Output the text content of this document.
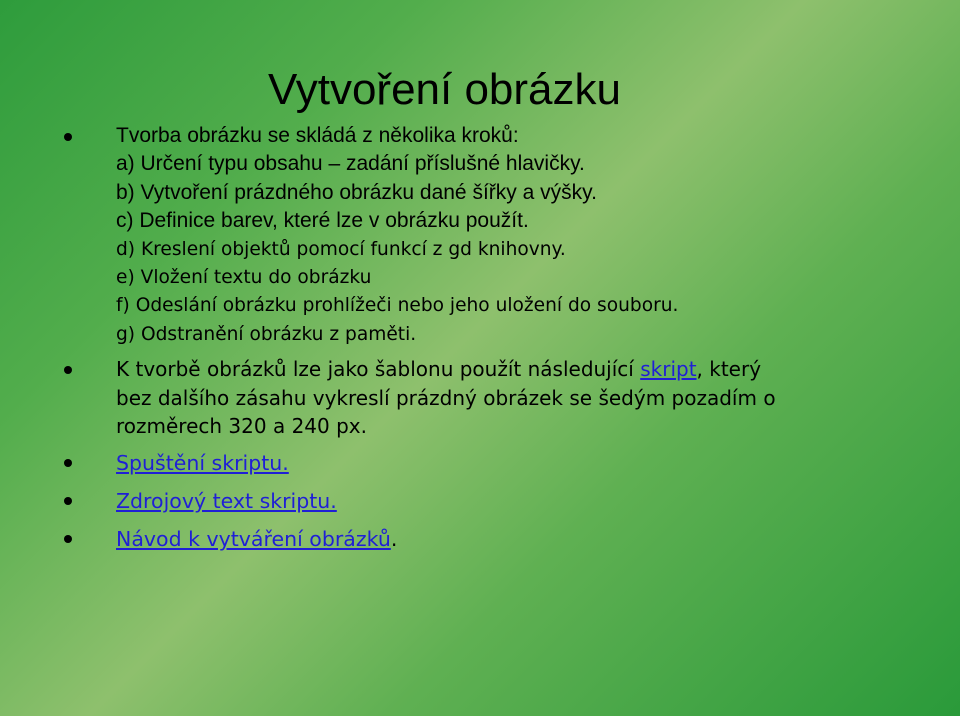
Vytvoření obrázku
Tvorba obrázku se skládá z několika kroků:
a) Určení typu obsahu – zadání příslušné hlavičky.
b) Vytvoření prázdného obrázku dané šířky a výšky.
c) Definice barev, které lze v obrázku použít.
d) Kreslení objektů pomocí funkcí z gd knihovny.
e) Vložení textu do obrázku
f) Odeslání obrázku prohlížeči nebo jeho uložení do souboru.
g) Odstranění obrázku z paměti.
K tvorbě obrázků lze jako šablonu použít následující skript, který
bez dalšího zásahu vykreslí prázdný obrázek se šedým pozadím o
rozměrech 320 a 240 px.
Spuštění skriptu.
Zdrojový text skriptu.
Návod k vytváření obrázků.
